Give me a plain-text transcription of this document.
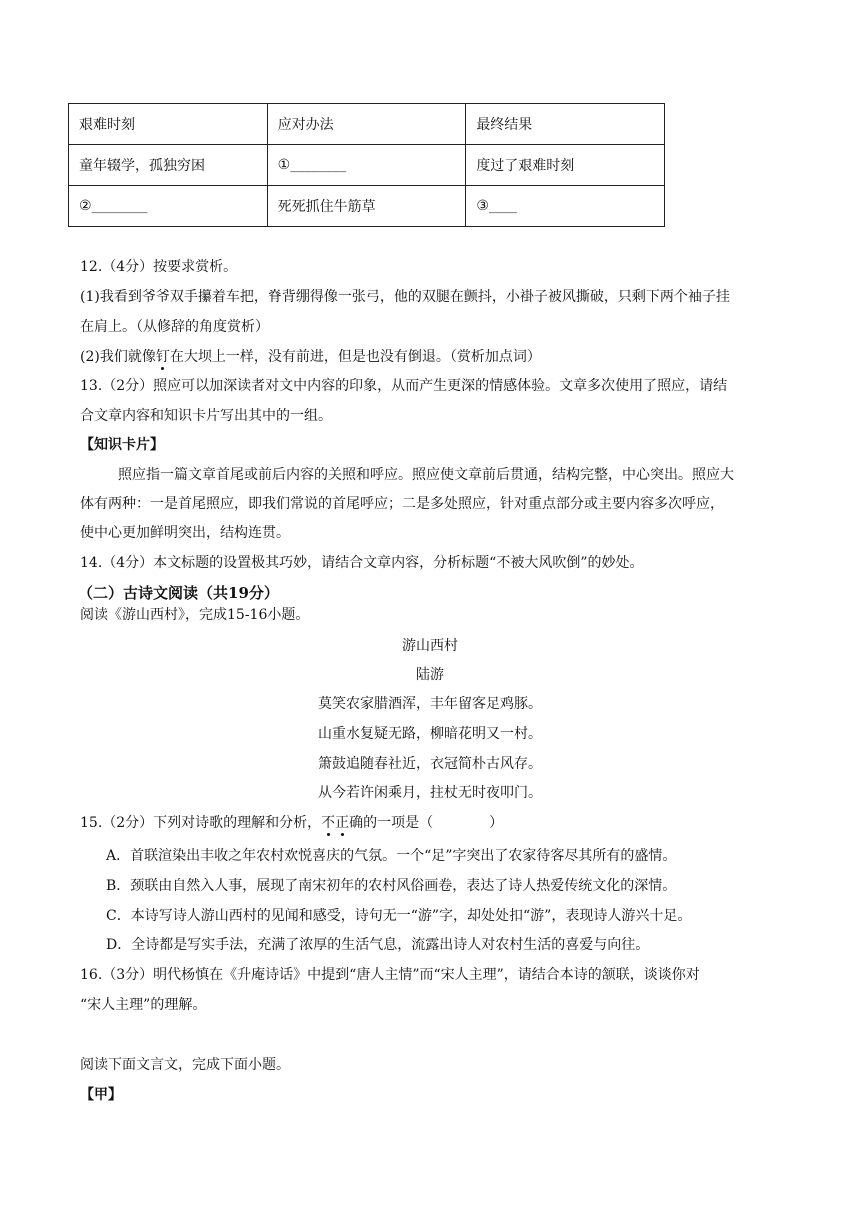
艰难时刻	应对办法	最终结果
童年辍学，孤独穷困	①________	度过了艰难时刻
②________	死死抓住牛筋草	③____
12.（4分）按要求赏析。
(1)我看到爷爷双手攥着车把，脊背绷得像一张弓，他的双腿在颤抖，小褂子被风撕破，只剩下两个袖子挂
在肩上。（从修辞的角度赏析）
(2)我们就像钉在大坝上一样，没有前进，但是也没有倒退。（赏析加点词）
13.（2分）照应可以加深读者对文中内容的印象，从而产生更深的情感体验。文章多次使用了照应，请结
合文章内容和知识卡片写出其中的一组。
【知识卡片】
照应指一篇文章首尾或前后内容的关照和呼应。照应使文章前后贯通，结构完整，中心突出。照应大
体有两种：一是首尾照应，即我们常说的首尾呼应；二是多处照应，针对重点部分或主要内容多次呼应，
使中心更加鲜明突出，结构连贯。
14.（4分）本文标题的设置极其巧妙，请结合文章内容，分析标题“不被大风吹倒”的妙处。
（二）古诗文阅读（共19分）
阅读《游山西村》，完成15-16小题。
游山西村
陆游
莫笑农家腊酒浑，丰年留客足鸡豚。
山重水复疑无路，柳暗花明又一村。
箫鼓追随春社近，衣冠简朴古风存。
从今若许闲乘月，拄杖无时夜叩门。
15.（2分）下列对诗歌的理解和分析，不正确的一项是（　　　　）
A．首联渲染出丰收之年农村欢悦喜庆的气氛。一个“足”字突出了农家待客尽其所有的盛情。
B．颈联由自然入人事，展现了南宋初年的农村风俗画卷，表达了诗人热爱传统文化的深情。
C．本诗写诗人游山西村的见闻和感受，诗句无一“游”字，却处处扣“游”，表现诗人游兴十足。
D．全诗都是写实手法，充满了浓厚的生活气息，流露出诗人对农村生活的喜爱与向往。
16.（3分）明代杨慎在《升庵诗话》中提到“唐人主情”而“宋人主理”，请结合本诗的颔联，谈谈你对
“宋人主理”的理解。
阅读下面文言文，完成下面小题。
【甲】
